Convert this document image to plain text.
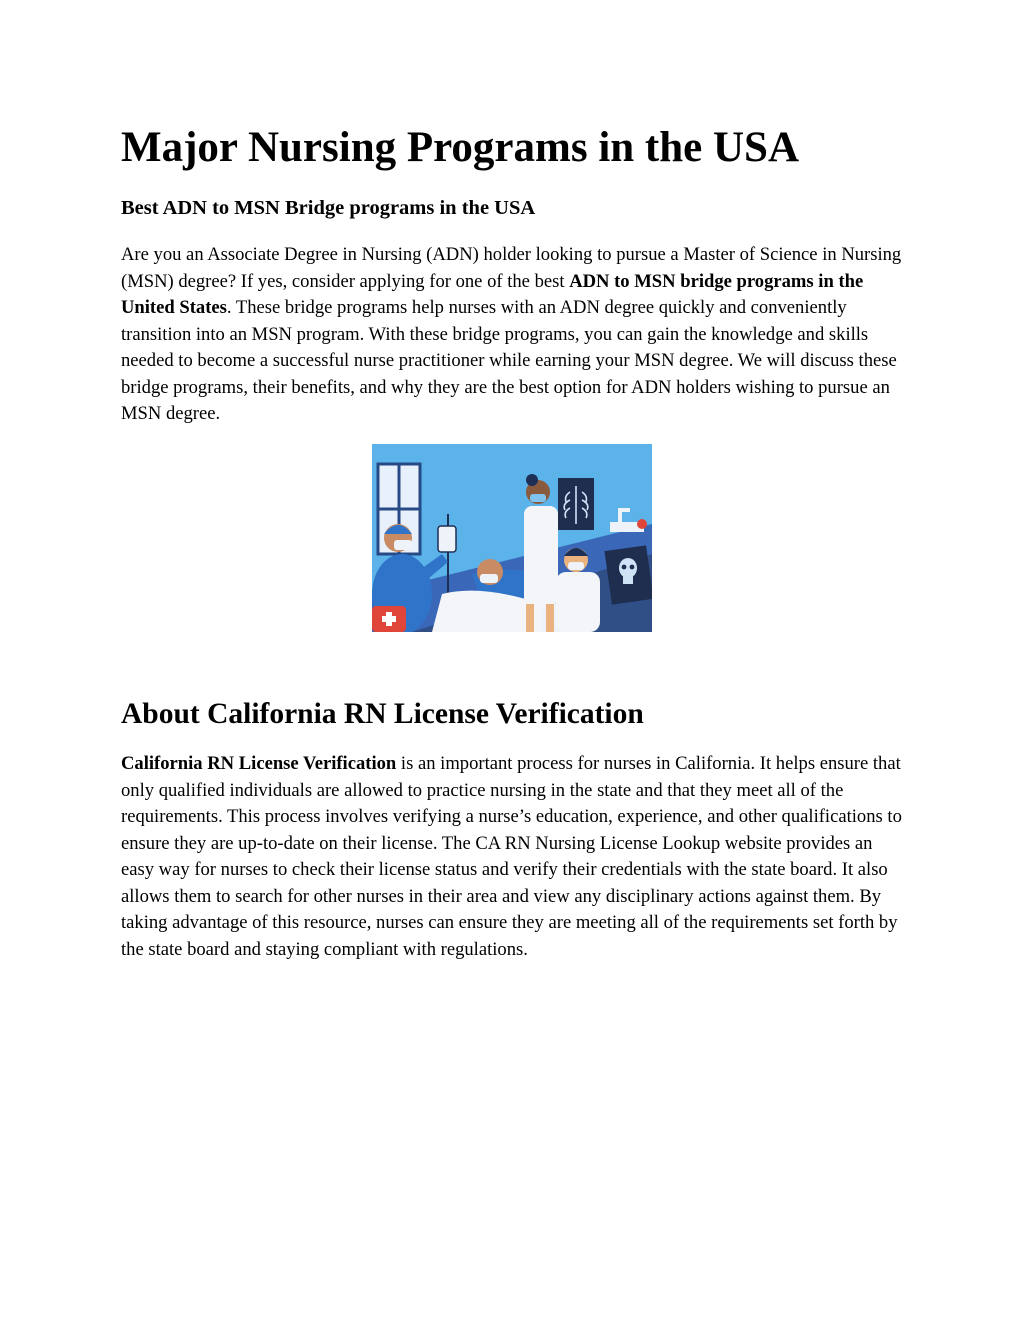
Major Nursing Programs in the USA
Best ADN to MSN Bridge programs in the USA

Are you an Associate Degree in Nursing (ADN) holder looking to pursue a Master of Science in Nursing (MSN) degree? If yes, consider applying for one of the best ADN to MSN bridge programs in the United States. These bridge programs help nurses with an ADN degree quickly and conveniently transition into an MSN program. With these bridge programs, you can gain the knowledge and skills needed to become a successful nurse practitioner while earning your MSN degree. We will discuss these bridge programs, their benefits, and why they are the best option for ADN holders wishing to pursue an MSN degree.

About California RN License Verification

California RN License Verification is an important process for nurses in California. It helps ensure that only qualified individuals are allowed to practice nursing in the state and that they meet all of the requirements. This process involves verifying a nurse’s education, experience, and other qualifications to ensure they are up-to-date on their license. The CA RN Nursing License Lookup website provides an easy way for nurses to check their license status and verify their credentials with the state board. It also allows them to search for other nurses in their area and view any disciplinary actions against them. By taking advantage of this resource, nurses can ensure they are meeting all of the requirements set forth by the state board and staying compliant with regulations.
